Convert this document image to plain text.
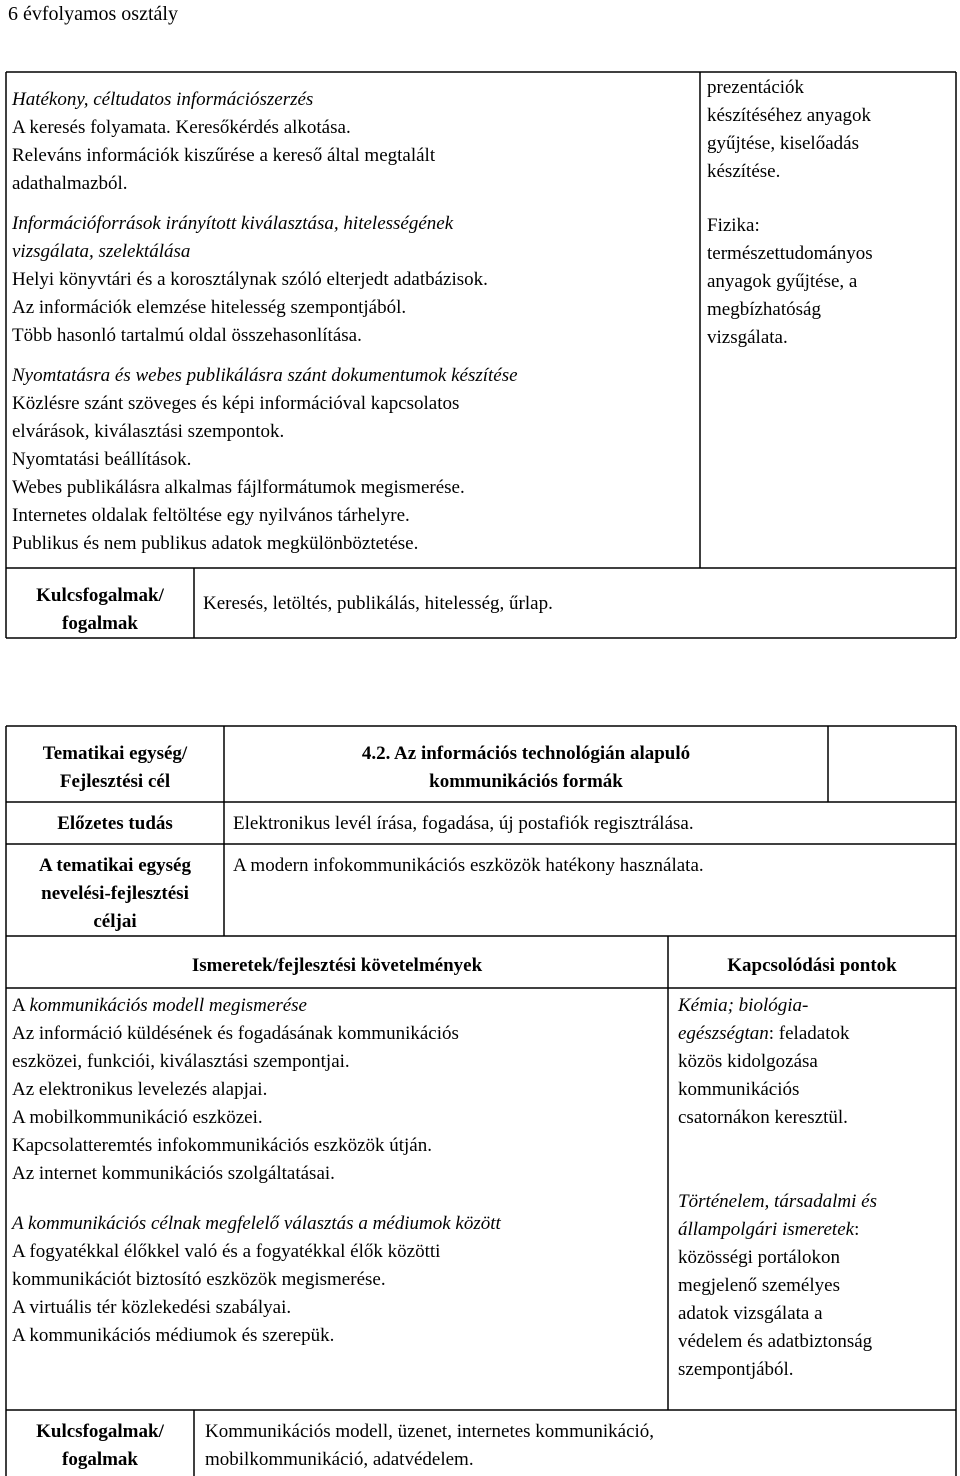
6 évfolyamos osztály

Hatékony, céltudatos információszerzés

A keresés folyamata. Keresőkérdés alkotása.

Releváns információk kiszűrése a kereső által megtalált

adathalmazból.

Információforrások irányított kiválasztása, hitelességének

vizsgálata, szelektálása

Helyi könyvtári és a korosztálynak szóló elterjedt adatbázisok.

Az információk elemzése hitelesség szempontjából.

Több hasonló tartalmú oldal összehasonlítása.

Nyomtatásra és webes publikálásra szánt dokumentumok készítése

Közlésre szánt szöveges és képi információval kapcsolatos

elvárások, kiválasztási szempontok.

Nyomtatási beállítások.

Webes publikálásra alkalmas fájlformátumok megismerése.

Internetes oldalak feltöltése egy nyilvános tárhelyre.

Publikus és nem publikus adatok megkülönböztetése.

prezentációk

készítéséhez anyagok

gyűjtése, kiselőadás

készítése.

Fizika:

természettudományos

anyagok gyűjtése, a

megbízhatóság

vizsgálata.

Kulcsfogalmak/

fogalmak

Keresés, letöltés, publikálás, hitelesség, űrlap.

Tematikai egység/

Fejlesztési cél

4.2. Az információs technológián alapuló

kommunikációs formák

Előzetes tudás	Elektronikus levél írása, fogadása, új postafiók regisztrálása.

A tematikai egység

nevelési-fejlesztési

céljai

A modern infokommunikációs eszközök hatékony használata.
Ismeretek/fejlesztési követelmények	Kapcsolódási pontok

A kommunikációs modell megismerése

Az információ küldésének és fogadásának kommunikációs

eszközei, funkciói, kiválasztási szempontjai.

Az elektronikus levelezés alapjai.

A mobilkommunikáció eszközei.

Kapcsolatteremtés infokommunikációs eszközök útján.

Az internet kommunikációs szolgáltatásai.

A kommunikációs célnak megfelelő választás a médiumok között

A fogyatékkal élőkkel való és a fogyatékkal élők közötti

kommunikációt biztosító eszközök megismerése.

A virtuális tér közlekedési szabályai.

A kommunikációs médiumok és szerepük.

Kémia; biológia-

egészségtan: feladatok

közös kidolgozása

kommunikációs

csatornákon keresztül.

Történelem, társadalmi és

állampolgári ismeretek:

közösségi portálokon

megjelenő személyes

adatok vizsgálata a

védelem és adatbiztonság

szempontjából.

Kulcsfogalmak/

fogalmak

Kommunikációs modell, üzenet, internetes kommunikáció,

mobilkommunikáció, adatvédelem.
